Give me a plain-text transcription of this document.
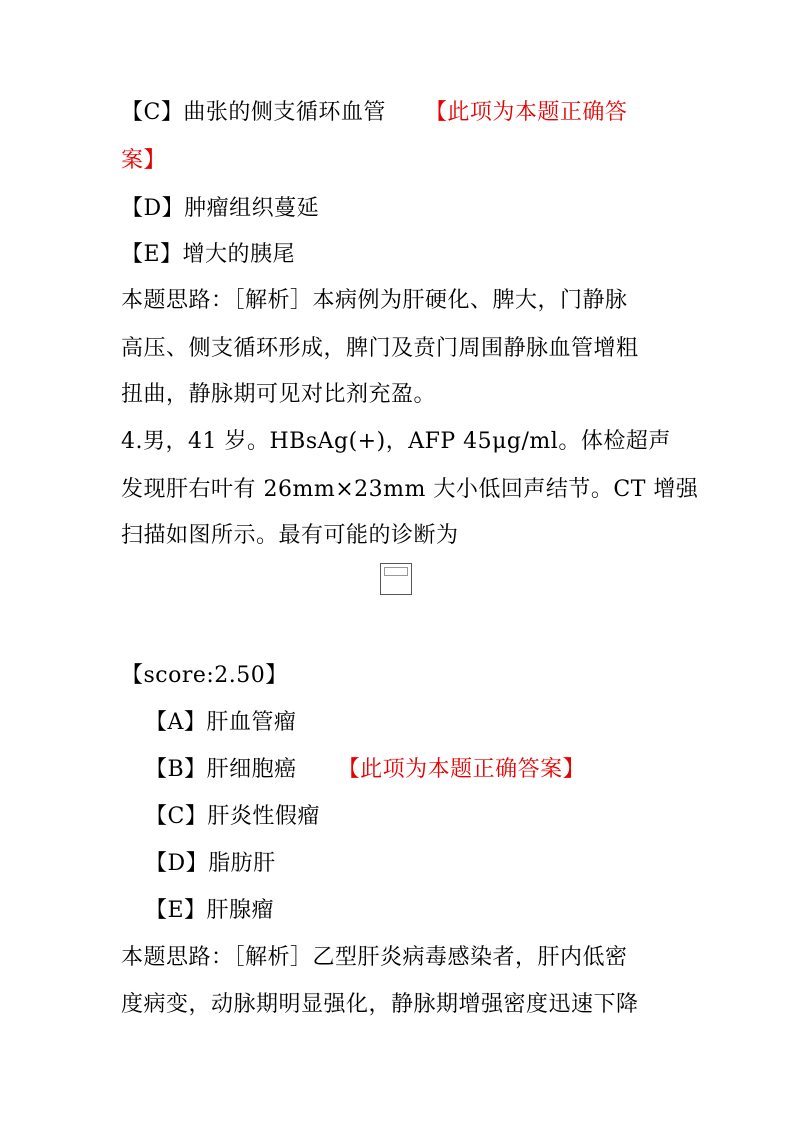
【C】曲张的侧支循环血管 【此项为本题正确答
案】
【D】肿瘤组织蔓延
【E】增大的胰尾
本题思路：［解析］本病例为肝硬化、脾大，门静脉
高压、侧支循环形成，脾门及贲门周围静脉血管增粗
扭曲，静脉期可见对比剂充盈。
4.男，41 岁。HBsAg(+)，AFP 45μg/ml。体检超声
发现肝右叶有 26mm×23mm 大小低回声结节。CT 增强
扫描如图所示。最有可能的诊断为
【score:2.50】
【A】肝血管瘤
【B】肝细胞癌 【此项为本题正确答案】
【C】肝炎性假瘤
【D】脂肪肝
【E】肝腺瘤
本题思路：［解析］乙型肝炎病毒感染者，肝内低密
度病变，动脉期明显强化，静脉期增强密度迅速下降
